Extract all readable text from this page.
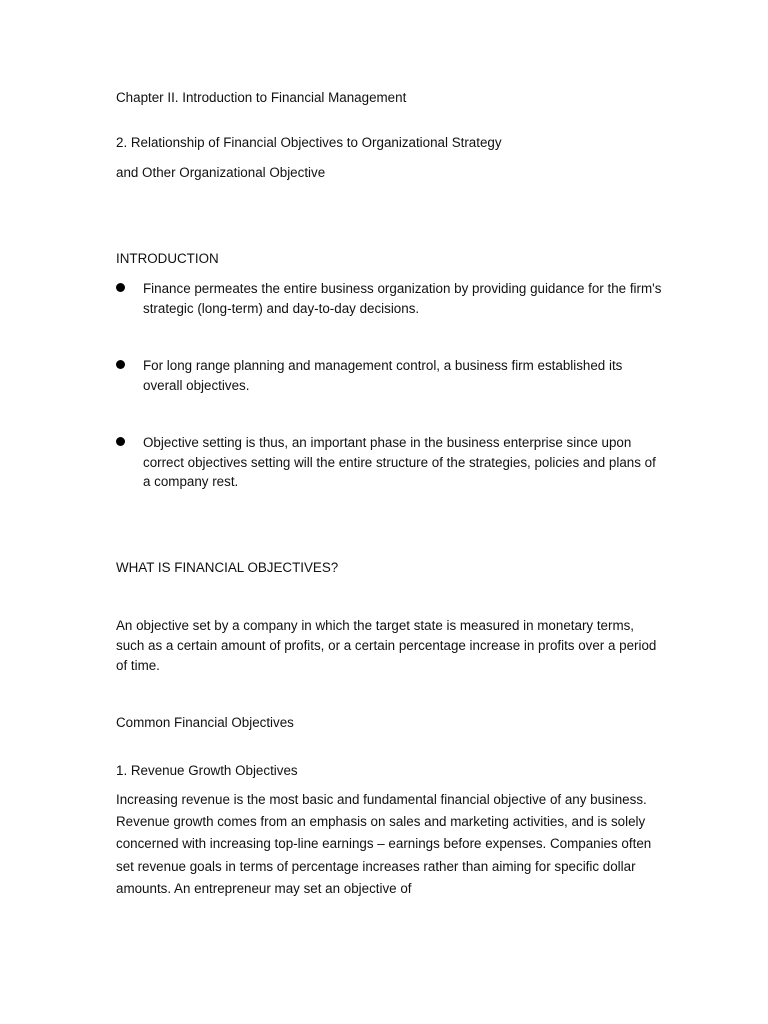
Chapter II. Introduction to Financial Management
2. Relationship of Financial Objectives to Organizational Strategy
and Other Organizational Objective
INTRODUCTION
Finance permeates the entire business organization by providing guidance for the firm's strategic (long-term) and day-to-day decisions.
For long range planning and management control, a business firm established its overall objectives.
Objective setting is thus, an important phase in the business enterprise since upon correct objectives setting will the entire structure of the strategies, policies and plans of a company rest.
WHAT IS FINANCIAL OBJECTIVES?
An objective set by a company in which the target state is measured in monetary terms, such as a certain amount of profits, or a certain percentage increase in profits over a period of time.
Common Financial Objectives
1. Revenue Growth Objectives
Increasing revenue is the most basic and fundamental financial objective of any business. Revenue growth comes from an emphasis on sales and marketing activities, and is solely concerned with increasing top-line earnings – earnings before expenses. Companies often set revenue goals in terms of percentage increases rather than aiming for specific dollar amounts. An entrepreneur may set an objective of
